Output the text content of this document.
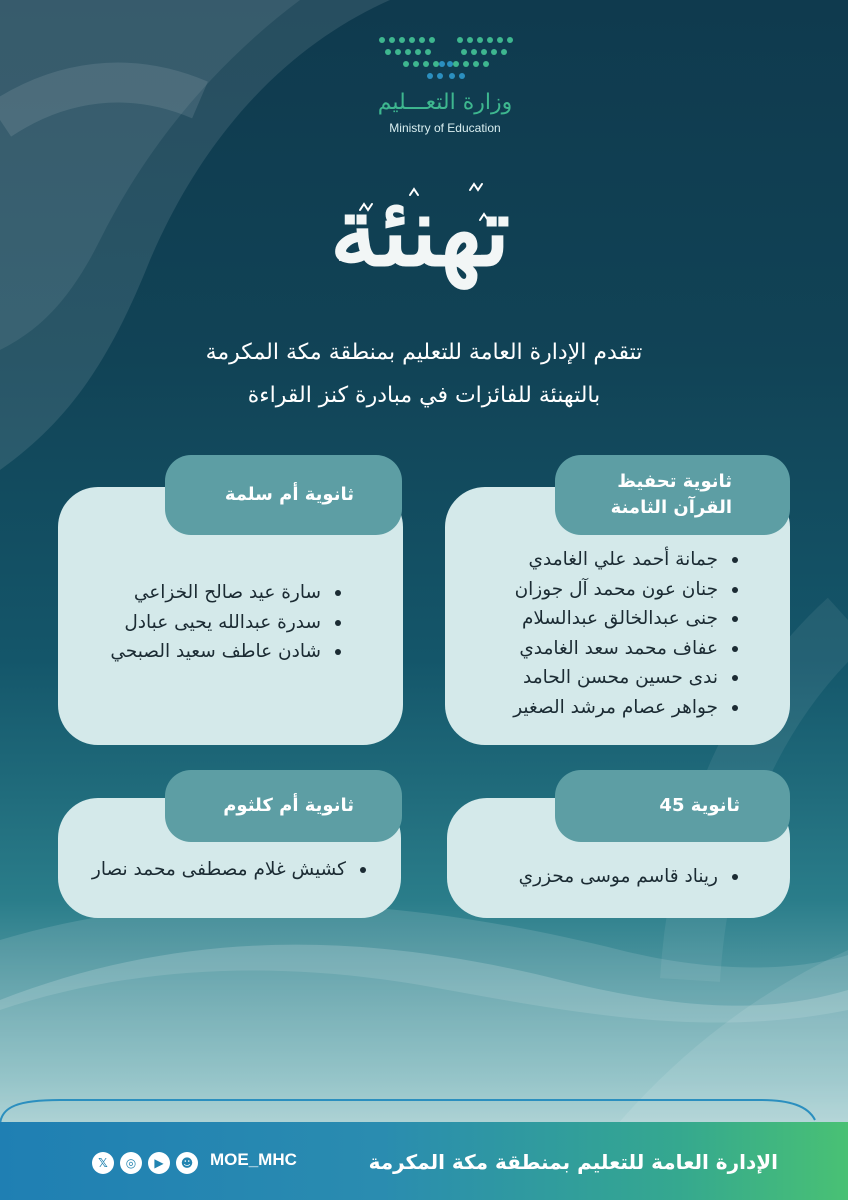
وزارة التعـــليم
Ministry of Education
تهنئة
تتقدم الإدارة العامة للتعليم بمنطقة مكة المكرمة
بالتهنئة للفائزات في مبادرة كنز القراءة
ثانوية تحفيظ القرآن الثامنة
جمانة أحمد علي الغامدي
جنان عون محمد آل جوزان
جنى عبدالخالق عبدالسلام
عفاف محمد سعد الغامدي
ندى حسين محسن الحامد
جواهر عصام مرشد الصغير
ثانوية أم سلمة
سارة عيد صالح الخزاعي
سدرة عبدالله يحيى عبادل
شادن عاطف سعيد الصبحي
ثانوية 45
ريناد قاسم موسى محزري
ثانوية أم كلثوم
كشيش غلام مصطفى محمد نصار
الإدارة العامة للتعليم بمنطقة مكة المكرمة
MOE_MHC
𝕏	◎	▶	☻
